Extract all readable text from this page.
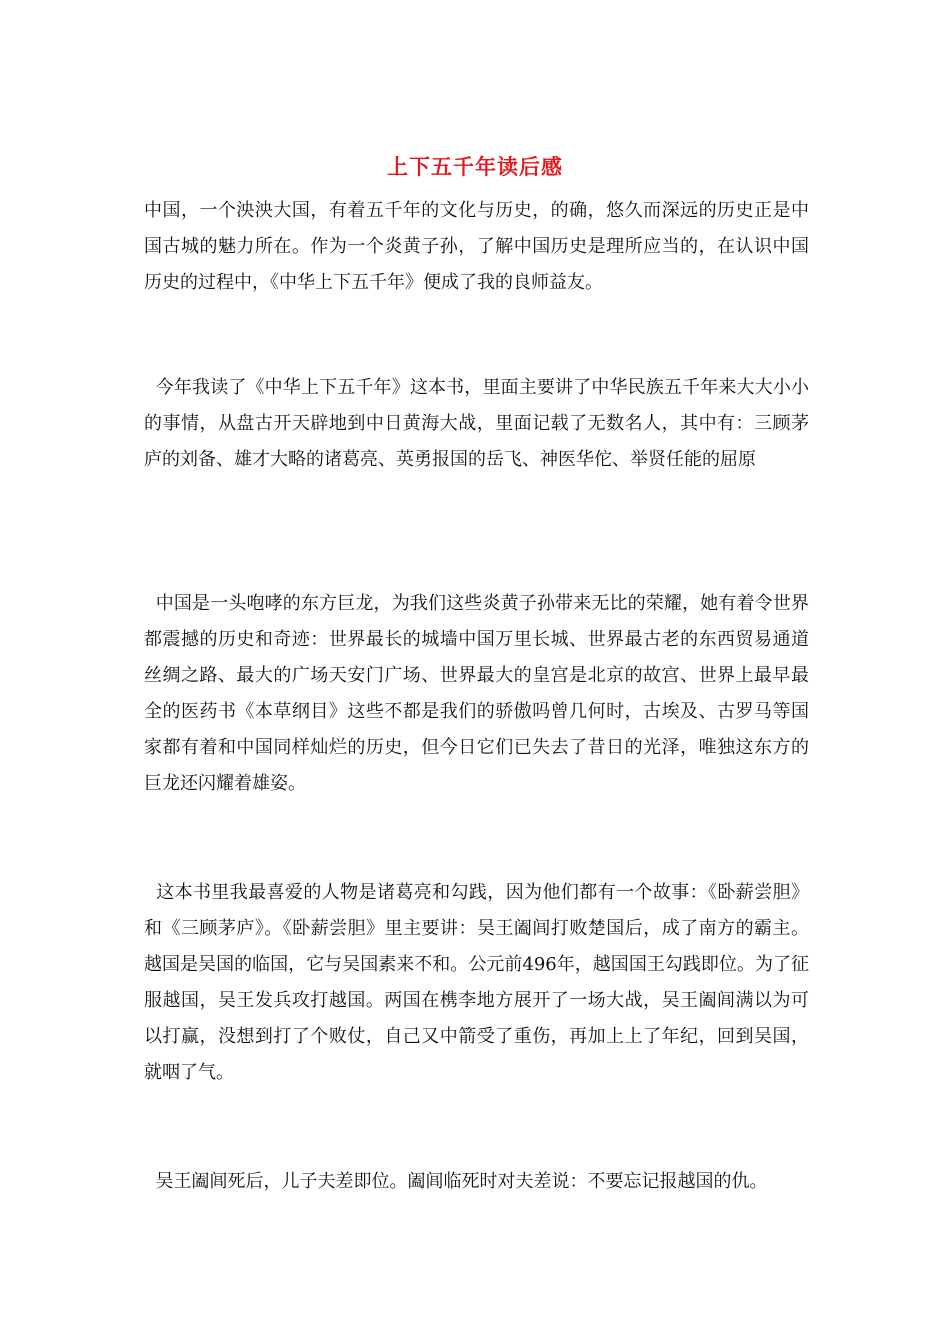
上下五千年读后感

中国，一个泱泱大国，有着五千年的文化与历史，的确，悠久而深远的历史正是中国古城的魅力所在。作为一个炎黄子孙，了解中国历史是理所应当的，在认识中国历史的过程中，《中华上下五千年》便成了我的良师益友。

今年我读了《中华上下五千年》这本书，里面主要讲了中华民族五千年来大大小小的事情，从盘古开天辟地到中日黄海大战，里面记载了无数名人，其中有：三顾茅庐的刘备、雄才大略的诸葛亮、英勇报国的岳飞、神医华佗、举贤任能的屈原

中国是一头咆哮的东方巨龙，为我们这些炎黄子孙带来无比的荣耀，她有着令世界都震撼的历史和奇迹：世界最长的城墙中国万里长城、世界最古老的东西贸易通道丝绸之路、最大的广场天安门广场、世界最大的皇宫是北京的故宫、世界上最早最全的医药书《本草纲目》这些不都是我们的骄傲吗曾几何时，古埃及、古罗马等国家都有着和中国同样灿烂的历史，但今日它们已失去了昔日的光泽，唯独这东方的巨龙还闪耀着雄姿。

这本书里我最喜爱的人物是诸葛亮和勾践，因为他们都有一个故事：《卧薪尝胆》和《三顾茅庐》。《卧薪尝胆》里主要讲：吴王阖闾打败楚国后，成了南方的霸主。越国是吴国的临国，它与吴国素来不和。公元前496年，越国国王勾践即位。为了征服越国，吴王发兵攻打越国。两国在槜李地方展开了一场大战，吴王阖闾满以为可以打赢，没想到打了个败仗，自己又中箭受了重伤，再加上上了年纪，回到吴国，就咽了气。

吴王阖闾死后，儿子夫差即位。阖闾临死时对夫差说：不要忘记报越国的仇。
